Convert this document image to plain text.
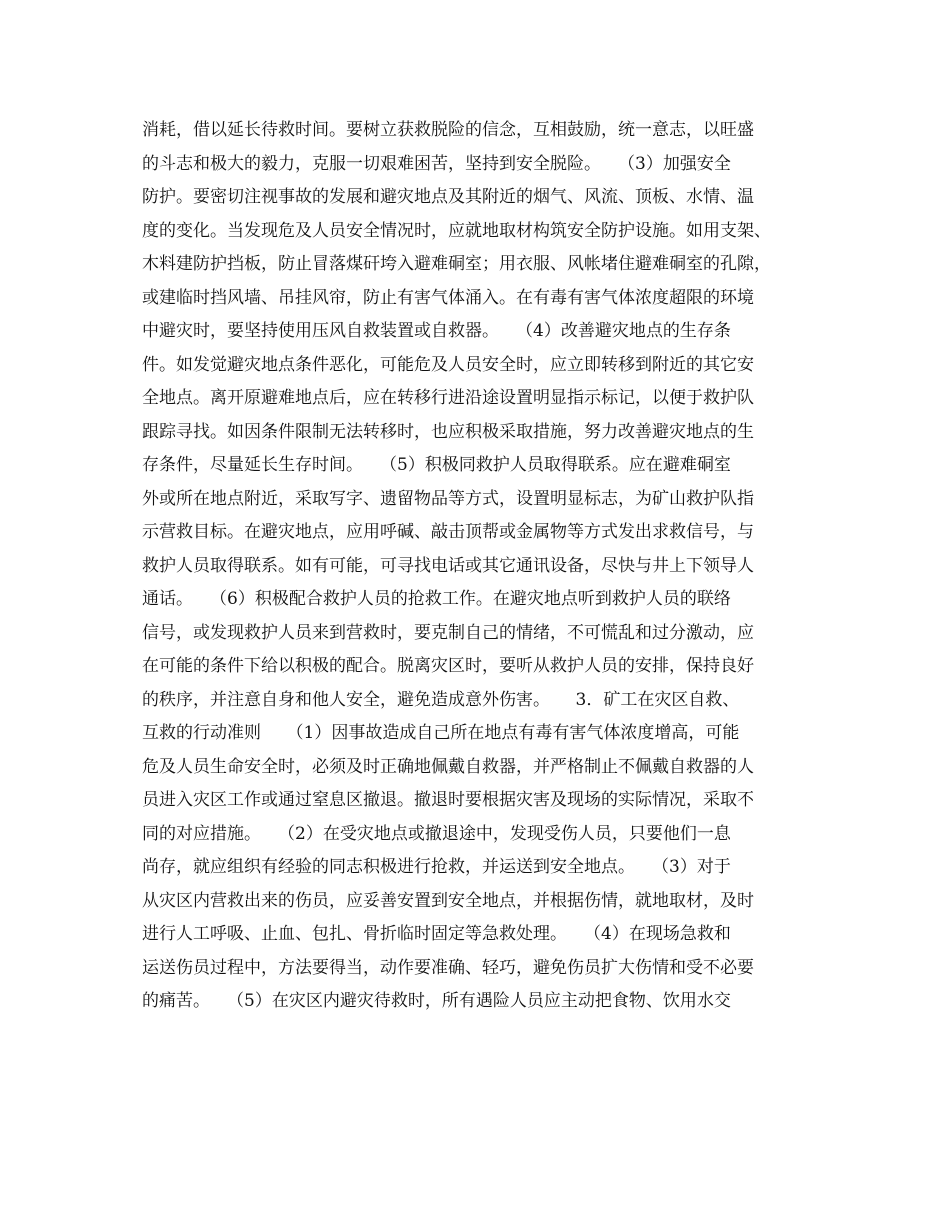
消耗，借以延长待救时间。要树立获救脱险的信念，互相鼓励，统一意志，以旺盛
的斗志和极大的毅力，克服一切艰难困苦，坚持到安全脱险。　　（3）加强安全
防护。要密切注视事故的发展和避灾地点及其附近的烟气、风流、顶板、水情、温
度的变化。当发现危及人员安全情况时，应就地取材构筑安全防护设施。如用支架、
木料建防护挡板，防止冒落煤矸垮入避难硐室；用衣服、风帐堵住避难硐室的孔隙，
或建临时挡风墙、吊挂风帘，防止有害气体涌入。在有毒有害气体浓度超限的环境
中避灾时，要坚持使用压风自救装置或自救器。　　（4）改善避灾地点的生存条
件。如发觉避灾地点条件恶化，可能危及人员安全时，应立即转移到附近的其它安
全地点。离开原避难地点后，应在转移行进沿途设置明显指示标记，以便于救护队
跟踪寻找。如因条件限制无法转移时，也应积极采取措施，努力改善避灾地点的生
存条件，尽量延长生存时间。　　（5）积极同救护人员取得联系。应在避难硐室
外或所在地点附近，采取写字、遗留物品等方式，设置明显标志，为矿山救护队指
示营救目标。在避灾地点，应用呼碱、敲击顶帮或金属物等方式发出求救信号，与
救护人员取得联系。如有可能，可寻找电话或其它通讯设备，尽快与井上下领导人
通话。　　（6）积极配合救护人员的抢救工作。在避灾地点听到救护人员的联络
信号，或发现救护人员来到营救时，要克制自己的情绪，不可慌乱和过分激动，应
在可能的条件下给以积极的配合。脱离灾区时，要听从救护人员的安排，保持良好
的秩序，并注意自身和他人安全，避免造成意外伤害。　　3．矿工在灾区自救、
互救的行动准则　　（1）因事故造成自己所在地点有毒有害气体浓度增高，可能
危及人员生命安全时，必须及时正确地佩戴自救器，并严格制止不佩戴自救器的人
员进入灾区工作或通过窒息区撤退。撤退时要根据灾害及现场的实际情况，采取不
同的对应措施。　　（2）在受灾地点或撤退途中，发现受伤人员，只要他们一息
尚存，就应组织有经验的同志积极进行抢救，并运送到安全地点。　　（3）对于
从灾区内营救出来的伤员，应妥善安置到安全地点，并根据伤情，就地取材，及时
进行人工呼吸、止血、包扎、骨折临时固定等急救处理。　　（4）在现场急救和
运送伤员过程中，方法要得当，动作要准确、轻巧，避免伤员扩大伤情和受不必要
的痛苦。　　（5）在灾区内避灾待救时，所有遇险人员应主动把食物、饮用水交
